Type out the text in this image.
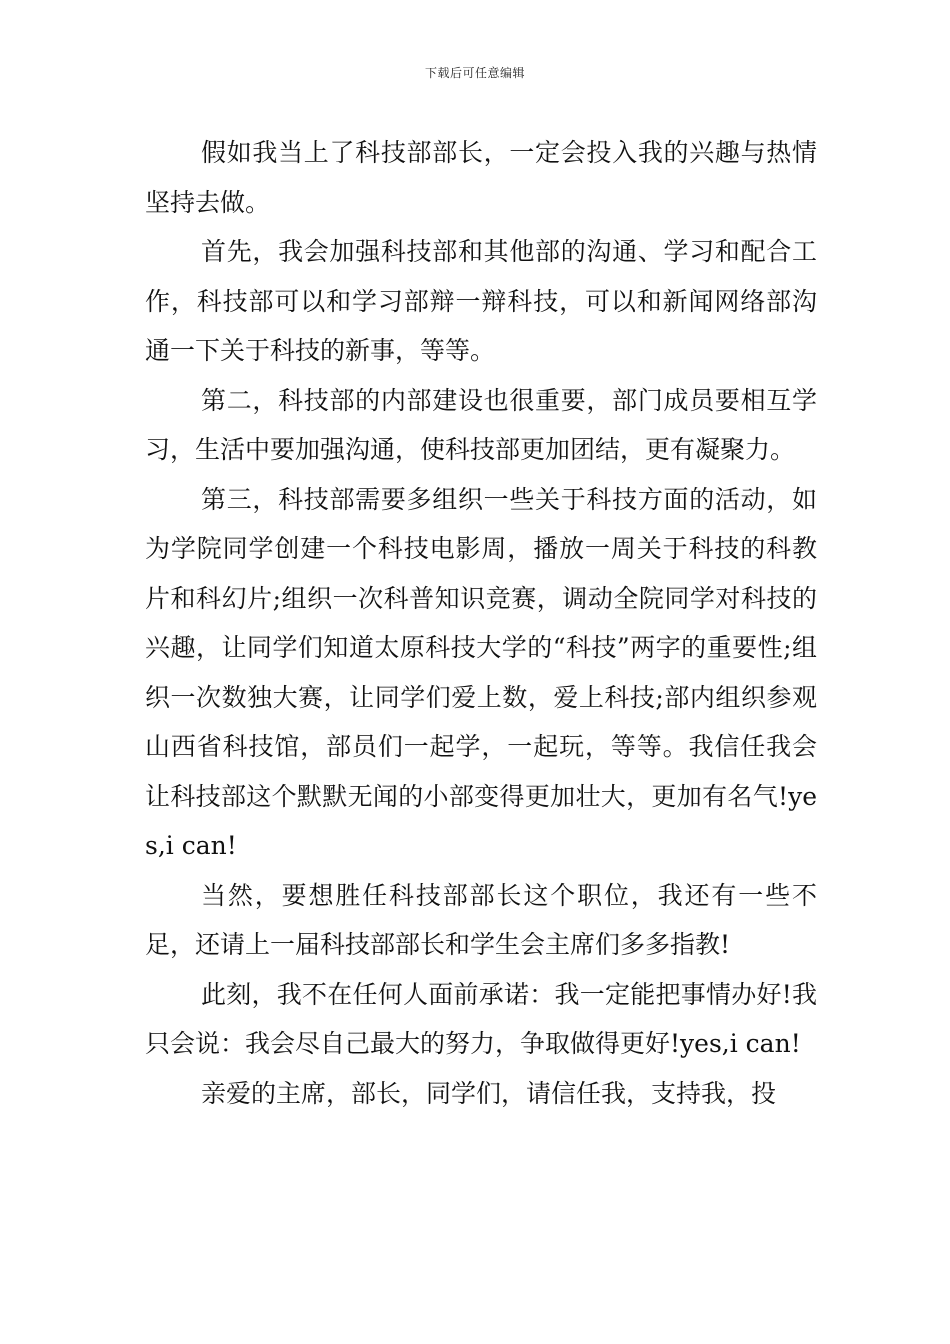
下载后可任意编辑

假如我当上了科技部部长，一定会投入我的兴趣与热情坚持去做。

首先，我会加强科技部和其他部的沟通、学习和配合工作，科技部可以和学习部辩一辩科技，可以和新闻网络部沟通一下关于科技的新事，等等。

第二，科技部的内部建设也很重要，部门成员要相互学习，生活中要加强沟通，使科技部更加团结，更有凝聚力。

第三，科技部需要多组织一些关于科技方面的活动，如为学院同学创建一个科技电影周，播放一周关于科技的科教片和科幻片;组织一次科普知识竞赛，调动全院同学对科技的兴趣，让同学们知道太原科技大学的“科技”两字的重要性;组织一次数独大赛，让同学们爱上数，爱上科技;部内组织参观山西省科技馆，部员们一起学，一起玩，等等。我信任我会让科技部这个默默无闻的小部变得更加壮大，更加有名气!yes,i can!

当然，要想胜任科技部部长这个职位，我还有一些不足，还请上一届科技部部长和学生会主席们多多指教!

此刻，我不在任何人面前承诺：我一定能把事情办好!我只会说：我会尽自己最大的努力，争取做得更好!yes,i can!

亲爱的主席，部长，同学们，请信任我，支持我，投
